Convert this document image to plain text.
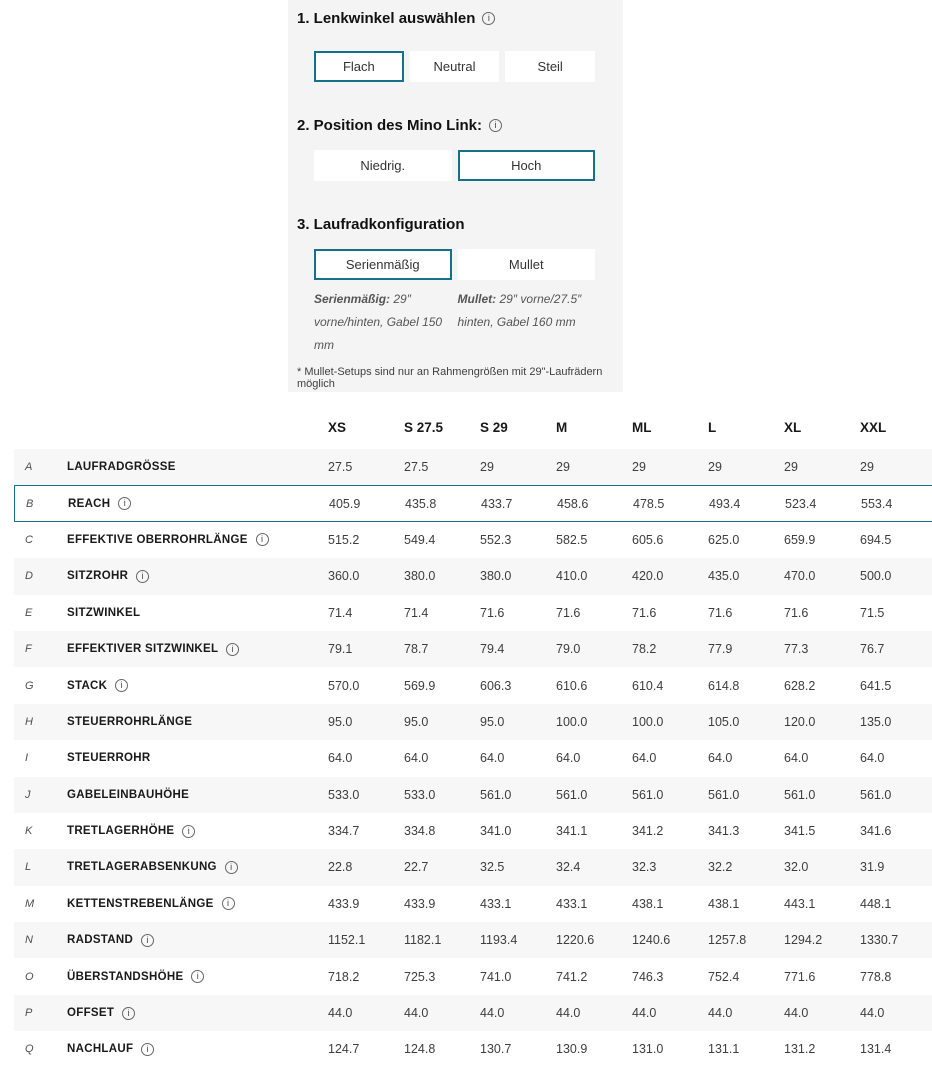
1. Lenkwinkel auswählen	i
Flach	Neutral	Steil
2. Position des Mino Link:	i
Niedrig.	Hoch
3. Laufradkonfiguration
Serienmäßig	Mullet
Serienmäßig: 29″ vorne/hinten, Gabel 150 mm
Mullet: 29″ vorne/27.5″ hinten, Gabel 160 mm
* Mullet-Setups sind nur an Rahmengrößen mit 29"-Laufrädern möglich
XS	S 27.5	S 29	M	ML	L	XL	XXL
A	LAUFRADGRÖSSE	27.5	27.5	29	29	29	29	29	29
B	REACH	i	405.9	435.8	433.7	458.6	478.5	493.4	523.4	553.4
C	EFFEKTIVE OBERROHRLÄNGE	i	515.2	549.4	552.3	582.5	605.6	625.0	659.9	694.5
D	SITZROHR	i	360.0	380.0	380.0	410.0	420.0	435.0	470.0	500.0
E	SITZWINKEL	71.4	71.4	71.6	71.6	71.6	71.6	71.6	71.5
F	EFFEKTIVER SITZWINKEL	i	79.1	78.7	79.4	79.0	78.2	77.9	77.3	76.7
G	STACK	i	570.0	569.9	606.3	610.6	610.4	614.8	628.2	641.5
H	STEUERROHRLÄNGE	95.0	95.0	95.0	100.0	100.0	105.0	120.0	135.0
I	STEUERROHR	64.0	64.0	64.0	64.0	64.0	64.0	64.0	64.0
J	GABELEINBAUHÖHE	533.0	533.0	561.0	561.0	561.0	561.0	561.0	561.0
K	TRETLAGERHÖHE	i	334.7	334.8	341.0	341.1	341.2	341.3	341.5	341.6
L	TRETLAGERABSENKUNG	i	22.8	22.7	32.5	32.4	32.3	32.2	32.0	31.9
M	KETTENSTREBENLÄNGE	i	433.9	433.9	433.1	433.1	438.1	438.1	443.1	448.1
N	RADSTAND	i	1152.1	1182.1	1193.4	1220.6	1240.6	1257.8	1294.2	1330.7
O	ÜBERSTANDSHÖHE	i	718.2	725.3	741.0	741.2	746.3	752.4	771.6	778.8
P	OFFSET	i	44.0	44.0	44.0	44.0	44.0	44.0	44.0	44.0
Q	NACHLAUF	i	124.7	124.8	130.7	130.9	131.0	131.1	131.2	131.4
